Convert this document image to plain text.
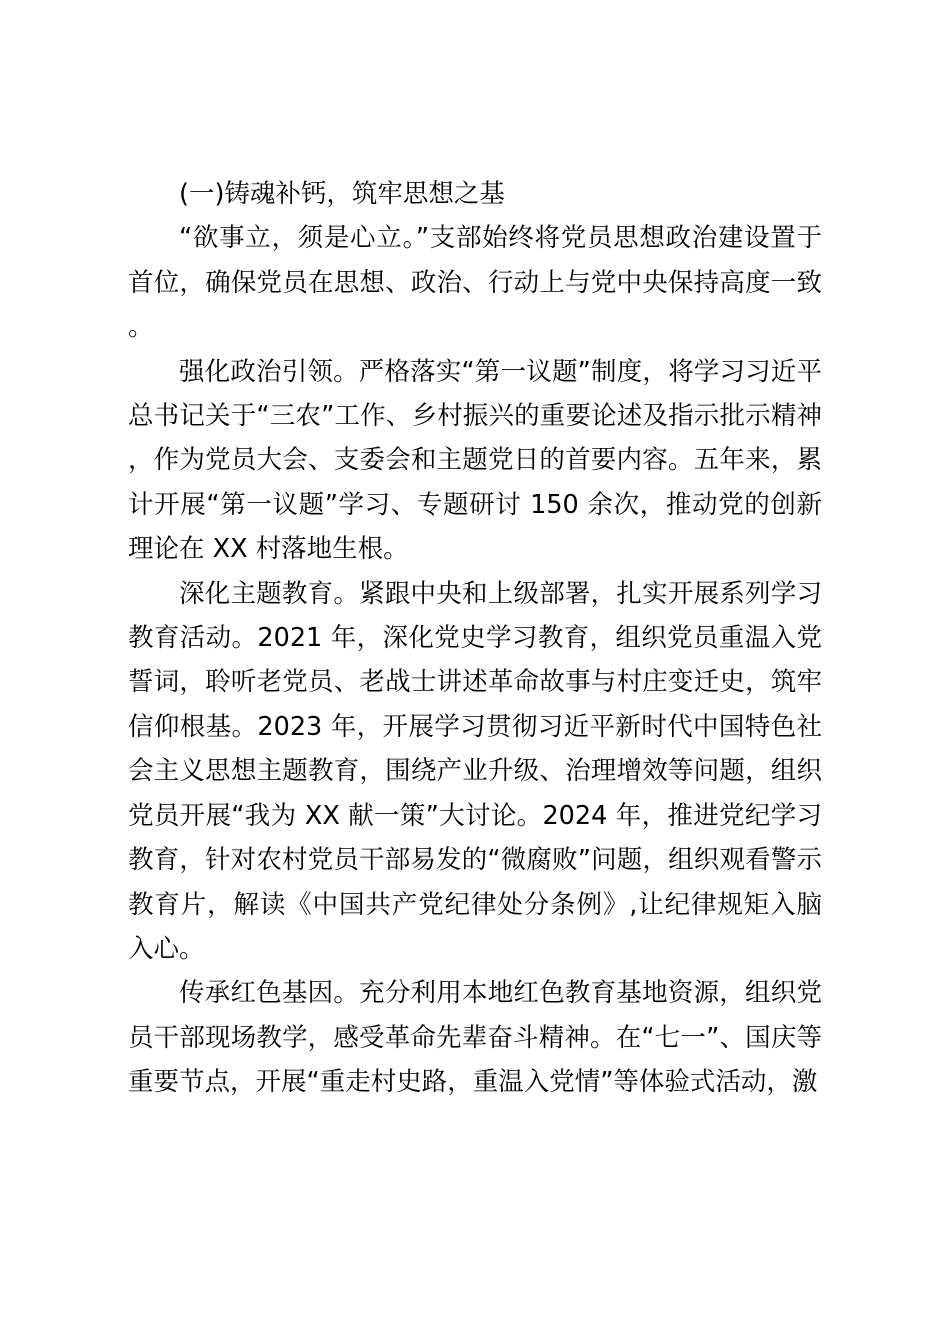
(一)铸魂补钙，筑牢思想之基

“欲事立，须是心立。”支部始终将党员思想政治建设置于首位，确保党员在思想、政治、行动上与党中央保持高度一致。

强化政治引领。严格落实“第一议题”制度，将学习习近平总书记关于“三农”工作、乡村振兴的重要论述及指示批示精神，作为党员大会、支委会和主题党日的首要内容。五年来，累计开展“第一议题”学习、专题研讨 150 余次，推动党的创新理论在 XX 村落地生根。

深化主题教育。紧跟中央和上级部署，扎实开展系列学习教育活动。2021 年，深化党史学习教育，组织党员重温入党誓词，聆听老党员、老战士讲述革命故事与村庄变迁史，筑牢信仰根基。2023 年，开展学习贯彻习近平新时代中国特色社会主义思想主题教育，围绕产业升级、治理增效等问题，组织党员开展“我为 XX 献一策”大讨论。2024 年，推进党纪学习教育，针对农村党员干部易发的“微腐败”问题，组织观看警示教育片，解读《中国共产党纪律处分条例》,让纪律规矩入脑入心。

传承红色基因。充分利用本地红色教育基地资源，组织党员干部现场教学，感受革命先辈奋斗精神。在“七一”、国庆等重要节点，开展“重走村史路，重温入党情”等体验式活动，激
